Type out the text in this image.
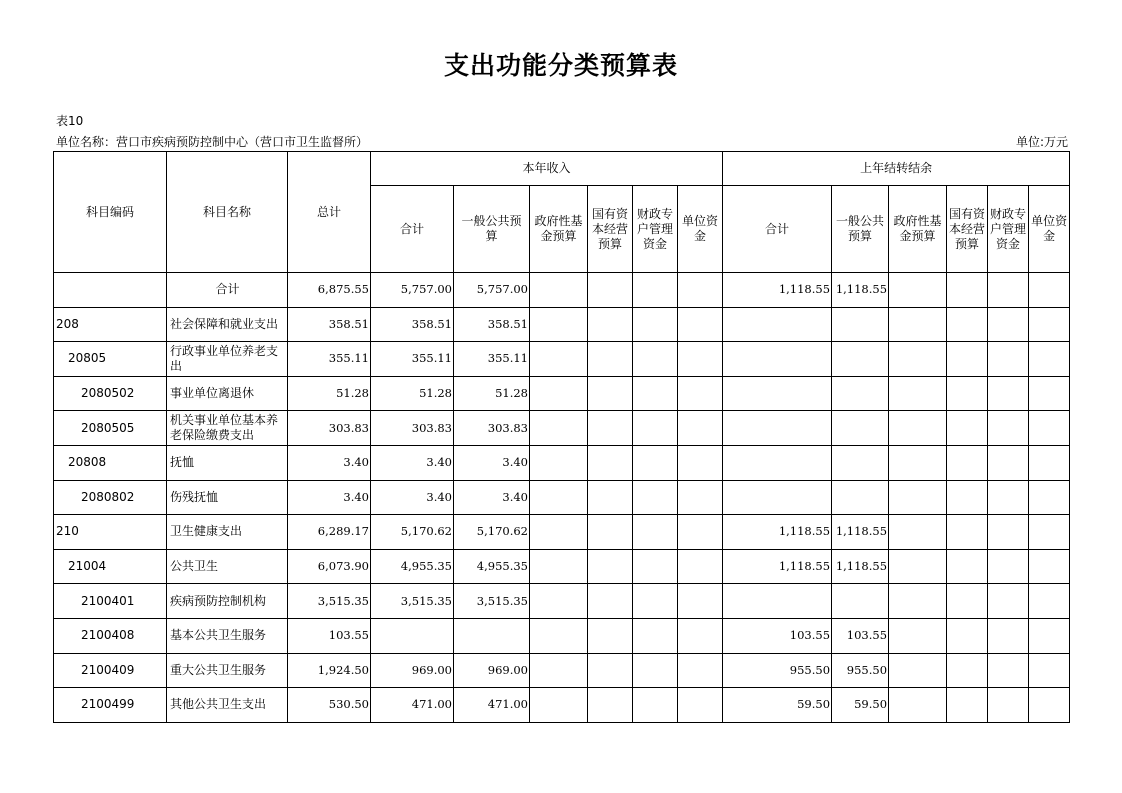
支出功能分类预算表
表10
单位名称：营口市疾病预防控制中心（营口市卫生监督所）	单位:万元
科目编码	科目名称	总计	本年收入						上年结转结余					
			合计	一般公共预算	政府性基金预算	国有资本经营预算	财政专户管理资金	单位资金	合计	一般公共预算	政府性基金预算	国有资本经营预算	财政专户管理资金	单位资金
	合计	6,875.55	5,757.00	5,757.00					1,118.55	1,118.55				
208	社会保障和就业支出	358.51	358.51	358.51										
20805	行政事业单位养老支出	355.11	355.11	355.11										
2080502	事业单位离退休	51.28	51.28	51.28										
2080505	机关事业单位基本养老保险缴费支出	303.83	303.83	303.83										
20808	抚恤	3.40	3.40	3.40										
2080802	伤残抚恤	3.40	3.40	3.40										
210	卫生健康支出	6,289.17	5,170.62	5,170.62					1,118.55	1,118.55				
21004	公共卫生	6,073.90	4,955.35	4,955.35					1,118.55	1,118.55				
2100401	疾病预防控制机构	3,515.35	3,515.35	3,515.35										
2100408	基本公共卫生服务	103.55							103.55	103.55				
2100409	重大公共卫生服务	1,924.50	969.00	969.00					955.50	955.50				
2100499	其他公共卫生支出	530.50	471.00	471.00					59.50	59.50				
